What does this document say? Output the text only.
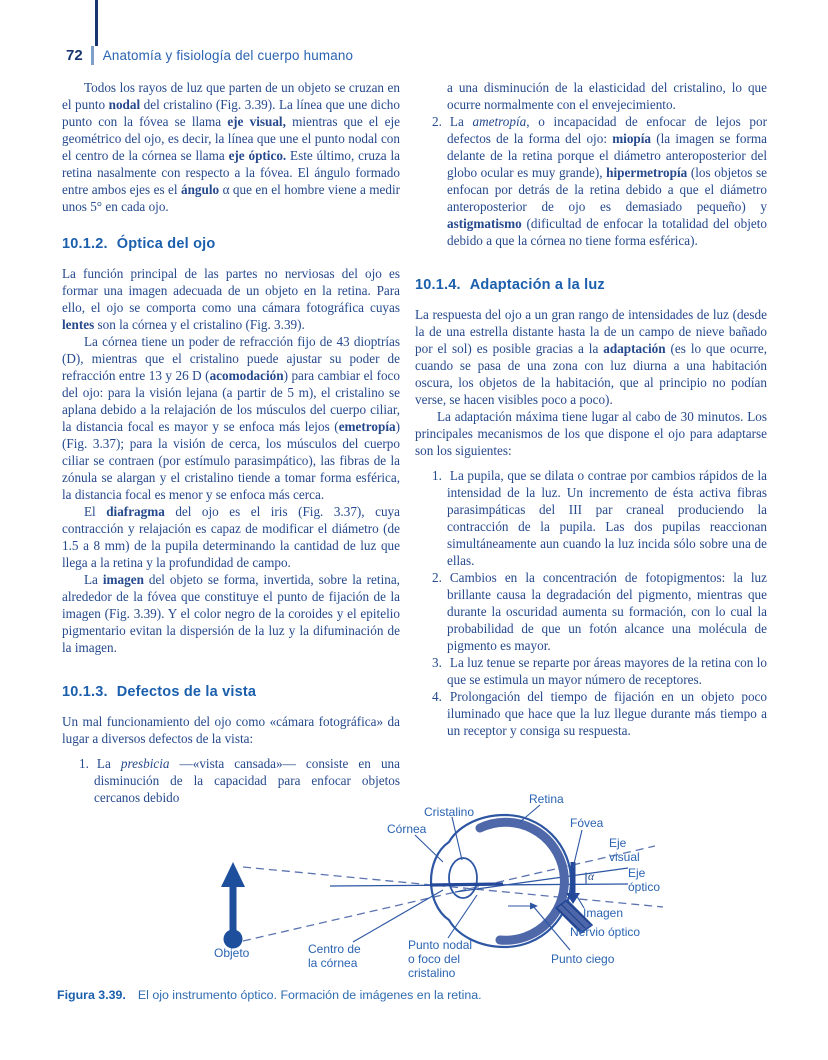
72 Anatomía y fisiología del cuerpo humano

Todos los rayos de luz que parten de un objeto se cruzan en el punto nodal del cristalino (Fig. 3.39). La línea que une dicho punto con la fóvea se llama eje visual, mientras que el eje geométrico del ojo, es decir, la línea que une el punto nodal con el centro de la córnea se llama eje óptico. Este último, cruza la retina nasalmente con respecto a la fóvea. El ángulo formado entre ambos ejes es el ángulo α que en el hombre viene a medir unos 5° en cada ojo.

10.1.2. Óptica del ojo

La función principal de las partes no nerviosas del ojo es formar una imagen adecuada de un objeto en la retina. Para ello, el ojo se comporta como una cámara fotográfica cuyas lentes son la córnea y el cristalino (Fig. 3.39).

La córnea tiene un poder de refracción fijo de 43 dioptrías (D), mientras que el cristalino puede ajustar su poder de refracción entre 13 y 26 D (acomodación) para cambiar el foco del ojo: para la visión lejana (a partir de 5 m), el cristalino se aplana debido a la relajación de los músculos del cuerpo ciliar, la distancia focal es mayor y se enfoca más lejos (emetropía) (Fig. 3.37); para la visión de cerca, los músculos del cuerpo ciliar se contraen (por estímulo parasimpático), las fibras de la zónula se alargan y el cristalino tiende a tomar forma esférica, la distancia focal es menor y se enfoca más cerca.

El diafragma del ojo es el iris (Fig. 3.37), cuya contracción y relajación es capaz de modificar el diámetro (de 1.5 a 8 mm) de la pupila determinando la cantidad de luz que llega a la retina y la profundidad de campo.

La imagen del objeto se forma, invertida, sobre la retina, alrededor de la fóvea que constituye el punto de fijación de la imagen (Fig. 3.39). Y el color negro de la coroides y el epitelio pigmentario evitan la dispersión de la luz y la difuminación de la imagen.

10.1.3. Defectos de la vista

Un mal funcionamiento del ojo como «cámara fotográfica» da lugar a diversos defectos de la vista:

1. La presbicia —«vista cansada»— consiste en una disminución de la capacidad para enfocar objetos cercanos debido

a una disminución de la elasticidad del cristalino, lo que ocurre normalmente con el envejecimiento.

2. La ametropía, o incapacidad de enfocar de lejos por defectos de la forma del ojo: miopía (la imagen se forma delante de la retina porque el diámetro anteroposterior del globo ocular es muy grande), hipermetropía (los objetos se enfocan por detrás de la retina debido a que el diámetro anteroposterior de ojo es demasiado pequeño) y astigmatismo (dificultad de enfocar la totalidad del objeto debido a que la córnea no tiene forma esférica).
10.1.4. Adaptación a la luz

La respuesta del ojo a un gran rango de intensidades de luz (desde la de una estrella distante hasta la de un campo de nieve bañado por el sol) es posible gracias a la adaptación (es lo que ocurre, cuando se pasa de una zona con luz diurna a una habitación oscura, los objetos de la habitación, que al principio no podían verse, se hacen visibles poco a poco).

La adaptación máxima tiene lugar al cabo de 30 minutos. Los principales mecanismos de los que dispone el ojo para adaptarse son los siguientes:

1. La pupila, que se dilata o contrae por cambios rápidos de la intensidad de la luz. Un incremento de ésta activa fibras parasimpáticas del III par craneal produciendo la contracción de la pupila. Las dos pupilas reaccionan simultáneamente aun cuando la luz incida sólo sobre una de ellas.
2. Cambios en la concentración de fotopigmentos: la luz brillante causa la degradación del pigmento, mientras que durante la oscuridad aumenta su formación, con lo cual la probabilidad de que un fotón alcance una molécula de pigmento es mayor.
3. La luz tenue se reparte por áreas mayores de la retina con lo que se estimula un mayor número de receptores.
4. Prolongación del tiempo de fijación en un objeto poco iluminado que hace que la luz llegue durante más tiempo a un receptor y consiga su respuesta.
Cristalino
Retina
Córnea	Fóvea
Eje visual
Eje óptico
α
Imagen
Nervio óptico
Punto ciego
Punto nodal o foco del cristalino
Centro de la córnea
Objeto
Figura 3.39. El ojo instrumento óptico. Formación de imágenes en la retina.
